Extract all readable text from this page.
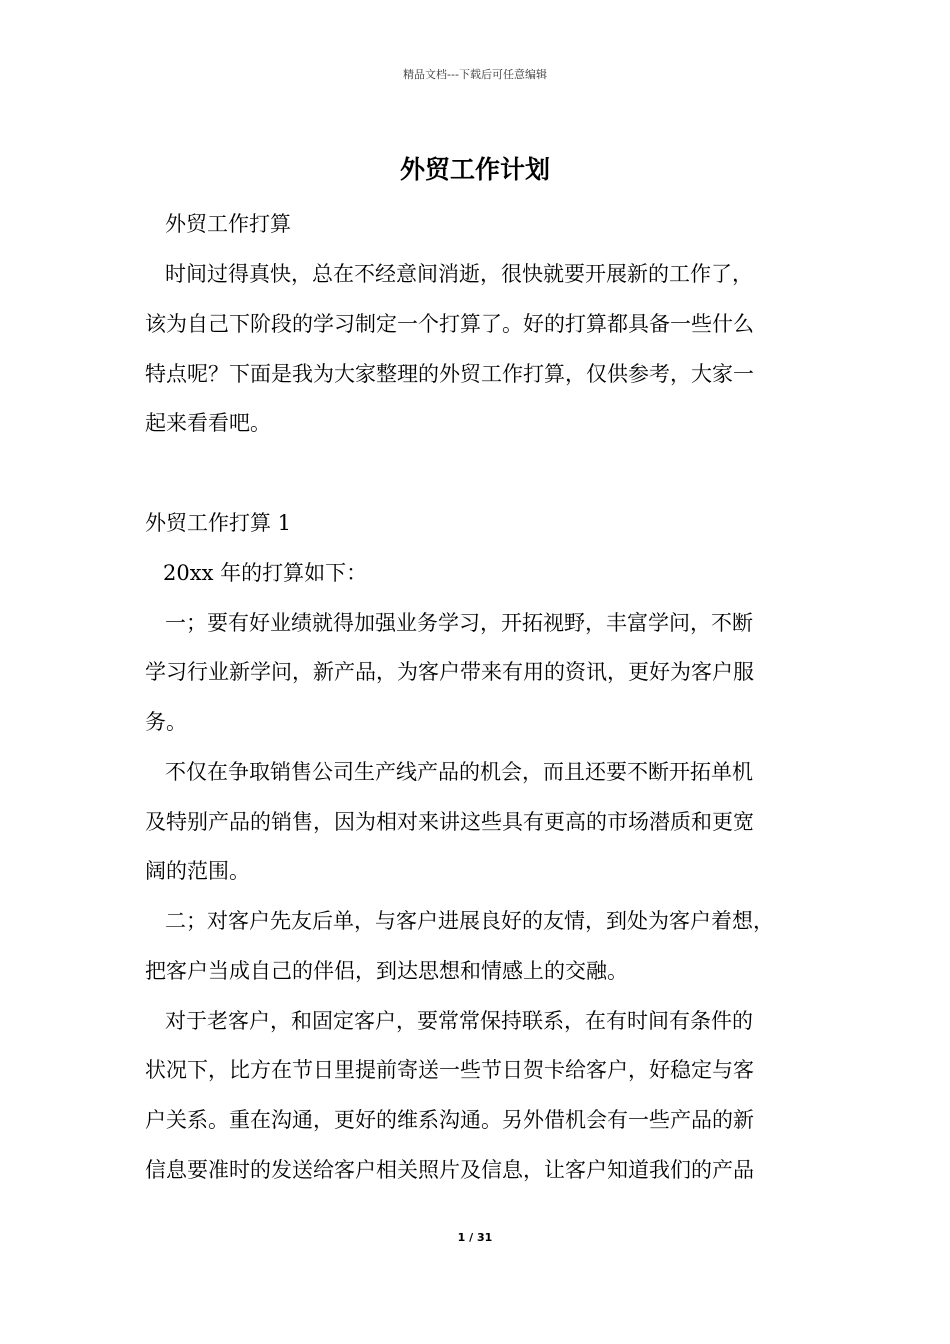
精品文档---下载后可任意编辑
外贸工作计划

外贸工作打算

时间过得真快，总在不经意间消逝，很快就要开展新的工作了，

该为自己下阶段的学习制定一个打算了。好的打算都具备一些什么

特点呢？下面是我为大家整理的外贸工作打算，仅供参考，大家一

起来看看吧。

外贸工作打算 1

20xx 年的打算如下：

一；要有好业绩就得加强业务学习，开拓视野，丰富学问，不断

学习行业新学问，新产品，为客户带来有用的资讯，更好为客户服

务。

不仅在争取销售公司生产线产品的机会，而且还要不断开拓单机

及特别产品的销售，因为相对来讲这些具有更高的市场潜质和更宽

阔的范围。

二；对客户先友后单，与客户进展良好的友情，到处为客户着想，

把客户当成自己的伴侣，到达思想和情感上的交融。

对于老客户，和固定客户，要常常保持联系，在有时间有条件的

状况下，比方在节日里提前寄送一些节日贺卡给客户，好稳定与客

户关系。重在沟通，更好的维系沟通。另外借机会有一些产品的新

信息要准时的发送给客户相关照片及信息，让客户知道我们的产品

1 / 31
